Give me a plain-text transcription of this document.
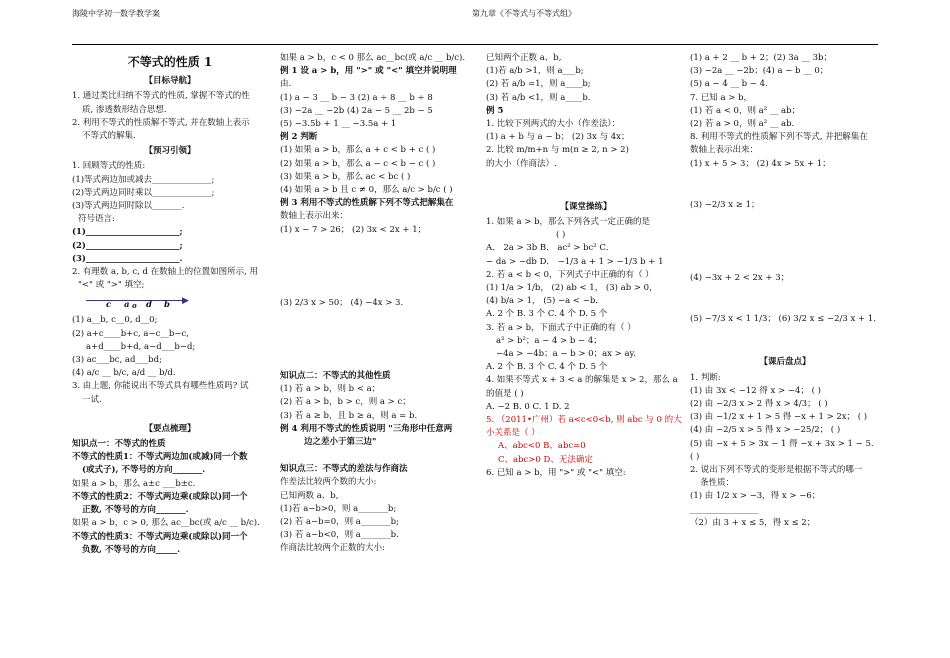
海陵中学初一数学教学案	第九章《不等式与不等式组》
不等式的性质 1
【目标导航】
1. 通过类比归纳不等式的性质, 掌握不等式的性
质, 渗透数形结合思想.
2. 利用不等式的性质解不等式, 并在数轴上表示
不等式的解集.
【预习引领】
1. 回顾等式的性质:
(1)等式两边加或减去______________;
(2)等式两边同时乘以______________;
(3)等式两边同时除以_______.
符号语言:
(1)______________________;
(2)______________________;
(3)______________________.
2. 有理数 a, b, c, d 在数轴上的位置如图所示, 用
"<" 或 ">" 填空;
▶
c a o d b
(1) a__b, c__0, d__0;
(2) a+c____b+c, a−c__b−c,
a+d____b+d, a−d___b−d;
(3) ac___bc, ad___bd;
(4) a/c __ b/c, a/d __ b/d.
3. 由上题, 你能说出不等式具有哪些性质吗? 试
一试.
【要点梳理】
知识点一：不等式的性质
不等式的性质1：不等式两边加(或减)同一个数
(或式子), 不等号的方向_______.
如果 a > b，那么 a±c ___b±c.
不等式的性质2：不等式两边乘(或除以)同一个
正数, 不等号的方向_______.
如果 a > b，c > 0, 那么 ac__bc(或 a/c __ b/c).
不等式的性质3：不等式两边乘(或除以)同一个
负数, 不等号的方向_____.
如果 a > b，c < 0 那么 ac__bc(或 a/c __ b/c).
例 1 设 a > b，用 ">" 或 "<" 填空并说明理
由.
(1) a − 3 __ b − 3 (2) a ÷ 8 __ b ÷ 8
(3) −2a __ −2b (4) 2a − 5 __ 2b − 5
(5) −3.5b + 1 __ −3.5a + 1
例 2 判断
(1) 如果 a > b，那么 a + c < b + c ( )
(2) 如果 a > b，那么 a − c < b − c ( )
(3) 如果 a > b，那么 ac < bc ( )
(4) 如果 a > b 且 c ≠ 0，那么 a/c > b/c ( )
例 3 利用不等式的性质解下列不等式把解集在
数轴上表示出来：
(1) x − 7 > 26； (2) 3x < 2x + 1；
(3) 2/3 x > 50； (4) −4x > 3.
知识点二：不等式的其他性质
(1) 若 a > b，则 b < a；
(2) 若 a > b，b > c，则 a > c；
(3) 若 a ≥ b，且 b ≥ a，则 a = b.
例 4 利用不等式的性质说明 "三角形中任意两
边之差小于第三边"
知识点三：不等式的差法与作商法
作差法比较两个数的大小:
已知两数 a、b,
(1)若 a−b>0，则 a_______b;
(2) 若 a−b=0，则 a_______b;
(3) 若 a−b<0，则 a_______b.
作商法比较两个正数的大小:
已知两个正数 a、b,
(1)若 a/b >1，则 a___b;
(2) 若 a/b =1，则 a____b;
(3) 若 a/b <1，则 a____b.
例 5
1. 比较下列两式的大小（作差法）：
(1) a + b 与 a − b； (2) 3x 与 4x；
2. 比较 m/m+n 与 m(n ≥ 2, n > 2)
的大小（作商法）.
【课堂操练】
1. 如果 a > b，那么下列各式一定正确的是
( )
A． 2a > 3b B． ac² > bc² C．
− da > −db D． −1/3 a + 1 > −1/3 b + 1
2. 若 a < b < 0，下列式子中正确的有（ ）
(1) 1/a > 1/b， (2) ab < 1， (3) ab > 0，
(4) b/a > 1， (5) −a < −b．
A. 2 个 B. 3 个 C. 4 个 D. 5 个
3. 若 a > b，下面式子中正确的有（ ）
a² > b²；a − 4 > b − 4；
−4a > −4b；a − b > 0；ax > ay.
A. 2 个 B. 3 个 C. 4 个 D. 5 个
4. 如果不等式 x + 3 < a 的解集是 x > 2，那么 a
的值是 ( )
A. −2 B. 0 C. 1 D. 2
5. （2011•广州）若 a<c<0<b, 则 abc 与 0 的大
小关系是（ ）
A、abc<0 B、abc=0
C、abc>0 D、无法确定
6. 已知 a > b，用 ">" 或 "<" 填空:
(1) a + 2 __ b + 2；(2) 3a __ 3b；
(3) −2a __ −2b；(4) a − b __ 0；
(5) a − 4 __ b − 4.
7. 已知 a > b，
(1) 若 a < 0，则 a² __ ab；
(2) 若 a > 0，则 a² __ ab.
8. 利用不等式的性质解下列不等式, 并把解集在
数轴上表示出来：
(1) x + 5 > 3； (2) 4x > 5x + 1；
(3) −2/3 x ≥ 1；
(4) −3x + 2 < 2x + 3；
(5) −7/3 x < 1 1/3； (6) 3/2 x ≤ −2/3 x + 1.
【课后盘点】
1. 判断:
(1) 由 3x < −12 得 x > −4； ( )
(2) 由 −2/3 x > 2 得 x > 4/3； ( )
(3) 由 −1/2 x + 1 > 5 得 −x + 1 > 2x； ( )
(4) 由 −2/5 x > 5 得 x > −25/2； ( )
(5) 由 −x + 5 > 3x − 1 得 −x + 3x > 1 − 5.
( )
2. 说出下列不等式的变形是根据不等式的哪一
条性质：
(1) 由 1/2 x > −3，得 x > −6；
________________
（2）由 3 + x ≤ 5，得 x ≤ 2；
